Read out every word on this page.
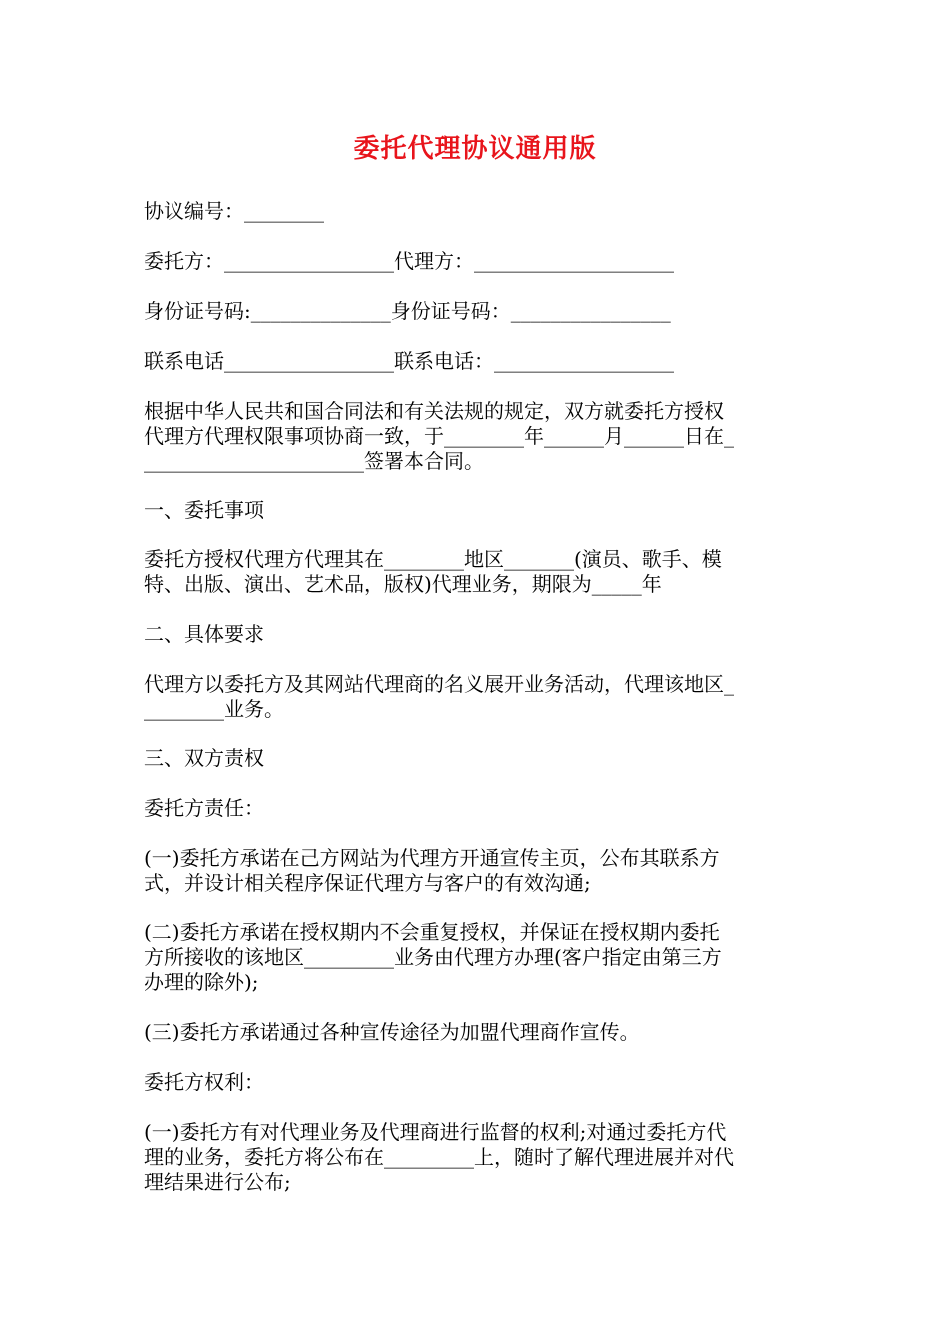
委托代理协议通用版
协议编号：________
委托方：_________________代理方：____________________
身份证号码:______________身份证号码：________________
联系电话_________________联系电话：__________________
根据中华人民共和国合同法和有关法规的规定，双方就委托方授权
代理方代理权限事项协商一致，于________年______月______日在_
______________________签署本合同。
一、委托事项
委托方授权代理方代理其在________地区_______(演员、歌手、模
特、出版、演出、艺术品，版权)代理业务，期限为_____年
二、具体要求
代理方以委托方及其网站代理商的名义展开业务活动，代理该地区_
________业务。
三、双方责权
委托方责任：
(一)委托方承诺在己方网站为代理方开通宣传主页，公布其联系方
式，并设计相关程序保证代理方与客户的有效沟通;
(二)委托方承诺在授权期内不会重复授权，并保证在授权期内委托
方所接收的该地区_________业务由代理方办理(客户指定由第三方
办理的除外);
(三)委托方承诺通过各种宣传途径为加盟代理商作宣传。
委托方权利：
(一)委托方有对代理业务及代理商进行监督的权利;对通过委托方代
理的业务，委托方将公布在_________上，随时了解代理进展并对代
理结果进行公布;
